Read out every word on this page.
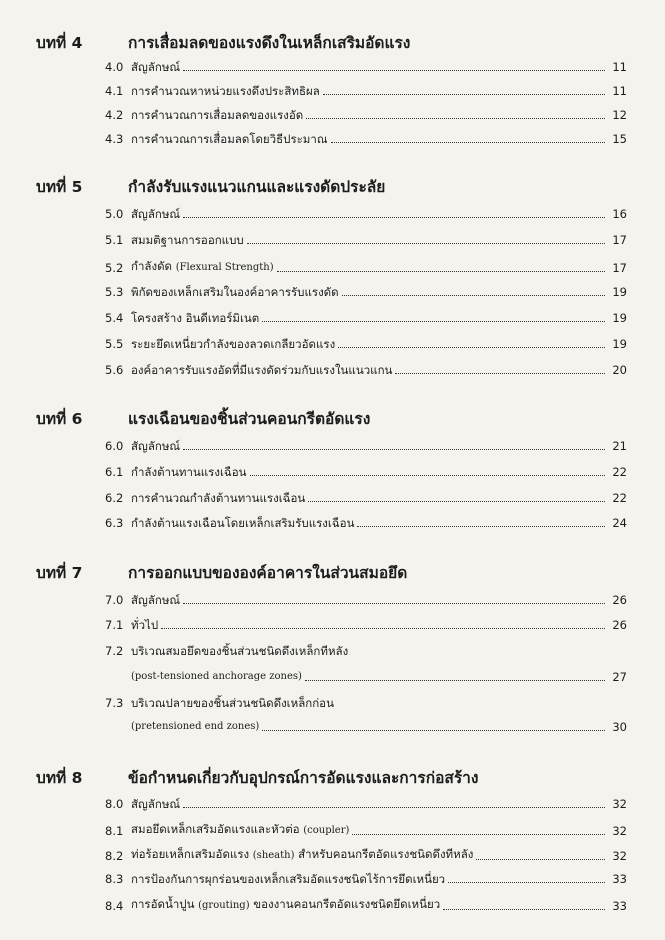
บทที่ 4	การเสื่อมลดของแรงดึงในเหล็กเสริมอัดแรง
4.0 สัญลักษณ์	11
4.1 การคำนวณหาหน่วยแรงดึงประสิทธิผล	11
4.2 การคำนวณการเสื่อมลดของแรงอัด	12
4.3 การคำนวณการเสื่อมลดโดยวิธีประมาณ	15
บทที่ 5	กำลังรับแรงแนวแกนและแรงดัดประลัย
5.0 สัญลักษณ์	16
5.1 สมมติฐานการออกแบบ	17
5.2 กำลังดัด (Flexural Strength)	17
5.3 พิกัดของเหล็กเสริมในองค์อาคารรับแรงดัด	19
5.4 โครงสร้าง อินดีเทอร์มิเนต	19
5.5 ระยะยึดเหนี่ยวกำลังของลวดเกลียวอัดแรง	19
5.6 องค์อาคารรับแรงอัดที่มีแรงดัดร่วมกับแรงในแนวแกน	20
บทที่ 6	แรงเฉือนของชิ้นส่วนคอนกรีตอัดแรง
6.0 สัญลักษณ์	21
6.1 กำลังต้านทานแรงเฉือน	22
6.2 การคำนวณกำลังต้านทานแรงเฉือน	22
6.3 กำลังต้านแรงเฉือนโดยเหล็กเสริมรับแรงเฉือน	24
บทที่ 7	การออกแบบขององค์อาคารในส่วนสมอยึด
7.0 สัญลักษณ์	26
7.1 ทั่วไป	26
7.2 บริเวณสมอยึดของชิ้นส่วนชนิดดึงเหล็กทีหลัง
(post-tensioned anchorage zones)	27
7.3 บริเวณปลายของชิ้นส่วนชนิดดึงเหล็กก่อน
(pretensioned end zones)	30
บทที่ 8	ข้อกำหนดเกี่ยวกับอุปกรณ์การอัดแรงและการก่อสร้าง
8.0 สัญลักษณ์	32
8.1 สมอยึดเหล็กเสริมอัดแรงและหัวต่อ (coupler)	32
8.2 ท่อร้อยเหล็กเสริมอัดแรง (sheath) สำหรับคอนกรีตอัดแรงชนิดดึงทีหลัง	32
8.3 การป้องกันการผุกร่อนของเหล็กเสริมอัดแรงชนิดไร้การยึดเหนี่ยว	33
8.4 การอัดน้ำปูน (grouting) ของงานคอนกรีตอัดแรงชนิดยึดเหนี่ยว	33
